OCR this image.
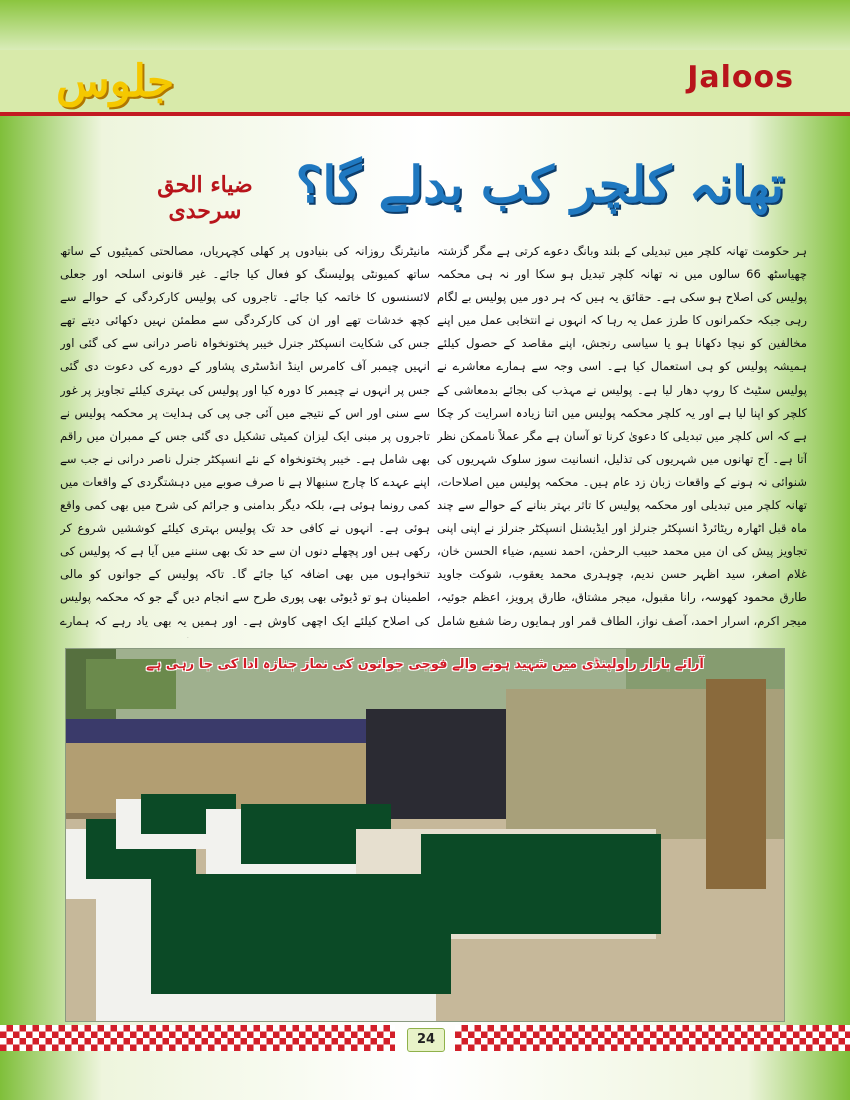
جلوس	Jaloos
تھانہ کلچر کب بدلے گا؟
ضیاء الحق سرحدی
ہر حکومت تھانہ کلچر میں تبدیلی کے بلند وبانگ دعوے کرتی ہے مگر گزشتہ چھیاسٹھ 66 سالوں میں نہ تھانہ کلچر تبدیل ہو سکا اور نہ ہی محکمہ پولیس کی اصلاح ہو سکی ہے۔ حقائق یہ ہیں کہ ہر دور میں پولیس بے لگام رہی جبکہ حکمرانوں کا طرز عمل یہ رہا کہ انہوں نے انتخابی عمل میں اپنے مخالفین کو نیچا دکھانا ہو یا سیاسی رنجش، اپنے مقاصد کے حصول کیلئے ہمیشہ پولیس کو ہی استعمال کیا ہے۔ اسی وجہ سے ہمارے معاشرے نے پولیس سٹیٹ کا روپ دھار لیا ہے۔ پولیس نے مہذب کی بجائے بدمعاشی کے کلچر کو اپنا لیا ہے اور یہ کلچر محکمہ پولیس میں اتنا زیادہ اسرایت کر چکا ہے کہ اس کلچر میں تبدیلی کا دعویٰ کرنا تو آسان ہے مگر عملاً ناممکن نظر آتا ہے۔ آج تھانوں میں شہریوں کی تذلیل، انسانیت سوز سلوک شہریوں کی شنوائی نہ ہونے کے واقعات زبان زد عام ہیں۔ محکمہ پولیس میں اصلاحات، تھانہ کلچر میں تبدیلی اور محکمہ پولیس کا تاثر بہتر بنانے کے حوالے سے چند ماہ قبل اٹھارہ ریٹائرڈ انسپکٹر جنرلز اور ایڈیشنل انسپکٹر جنرلز نے اپنی اپنی تجاویز پیش کی ان میں محمد حبیب الرحمٰن، احمد نسیم، ضیاء الحسن خان، غلام اصغر، سید اظہر حسن ندیم، چوہدری محمد یعقوب، شوکت جاوید طارق محمود کھوسہ، رانا مقبول، میجر مشتاق، طارق پرویز، اعظم جوئیہ، میجر اکرم، اسرار احمد، آصف نواز، الطاف قمر اور ہمایوں رضا شفیع شامل
مانیٹرنگ روزانہ کی بنیادوں پر کھلی کچہریاں، مصالحتی کمیٹیوں کے ساتھ ساتھ کمیونٹی پولیسنگ کو فعال کیا جائے۔ غیر قانونی اسلحہ اور جعلی لائسنسوں کا خاتمہ کیا جائے۔ تاجروں کی پولیس کارکردگی کے حوالے سے کچھ خدشات تھے اور ان کی کارکردگی سے مطمئن نہیں دکھائی دیتے تھے جس کی شکایت انسپکٹر جنرل خیبر پختونخواہ ناصر درانی سے کی گئی اور انہیں چیمبر آف کامرس اینڈ انڈسٹری پشاور کے دورے کی دعوت دی گئی جس پر انہوں نے چیمبر کا دورہ کیا اور پولیس کی بہتری کیلئے تجاویز پر غور سے سنی اور اس کے نتیجے میں آئی جی پی کی ہدایت پر محکمہ پولیس نے تاجروں پر مبنی ایک لیزان کمیٹی تشکیل دی گئی جس کے ممبران میں راقم بھی شامل ہے۔ خیبر پختونخواہ کے نئے انسپکٹر جنرل ناصر درانی نے جب سے اپنے عہدے کا چارج سنبھالا ہے نا صرف صوبے میں دہشتگردی کے واقعات میں کمی رونما ہوئی ہے، بلکہ دیگر بدامنی و جرائم کی شرح میں بھی کمی واقع ہوئی ہے۔ انہوں نے کافی حد تک پولیس بہتری کیلئے کوششیں شروع کر رکھی ہیں اور پچھلے دنوں ان سے حد تک بھی سننے میں آیا ہے کہ پولیس کی تنخواہوں میں بھی اضافہ کیا جائے گا۔ تاکہ پولیس کے جوانوں کو مالی اطمینان ہو تو ڈیوٹی بھی پوری طرح سے انجام دیں گے جو کہ محکمہ پولیس کی اصلاح کیلئے ایک اچھی کاوش ہے۔ اور ہمیں یہ بھی یاد رہے کہ ہمارے
آرائے بازار راولپنڈی میں شہید ہونے والے فوجی جوانوں کی نماز جنازہ ادا کی جا رہی ہے
24
